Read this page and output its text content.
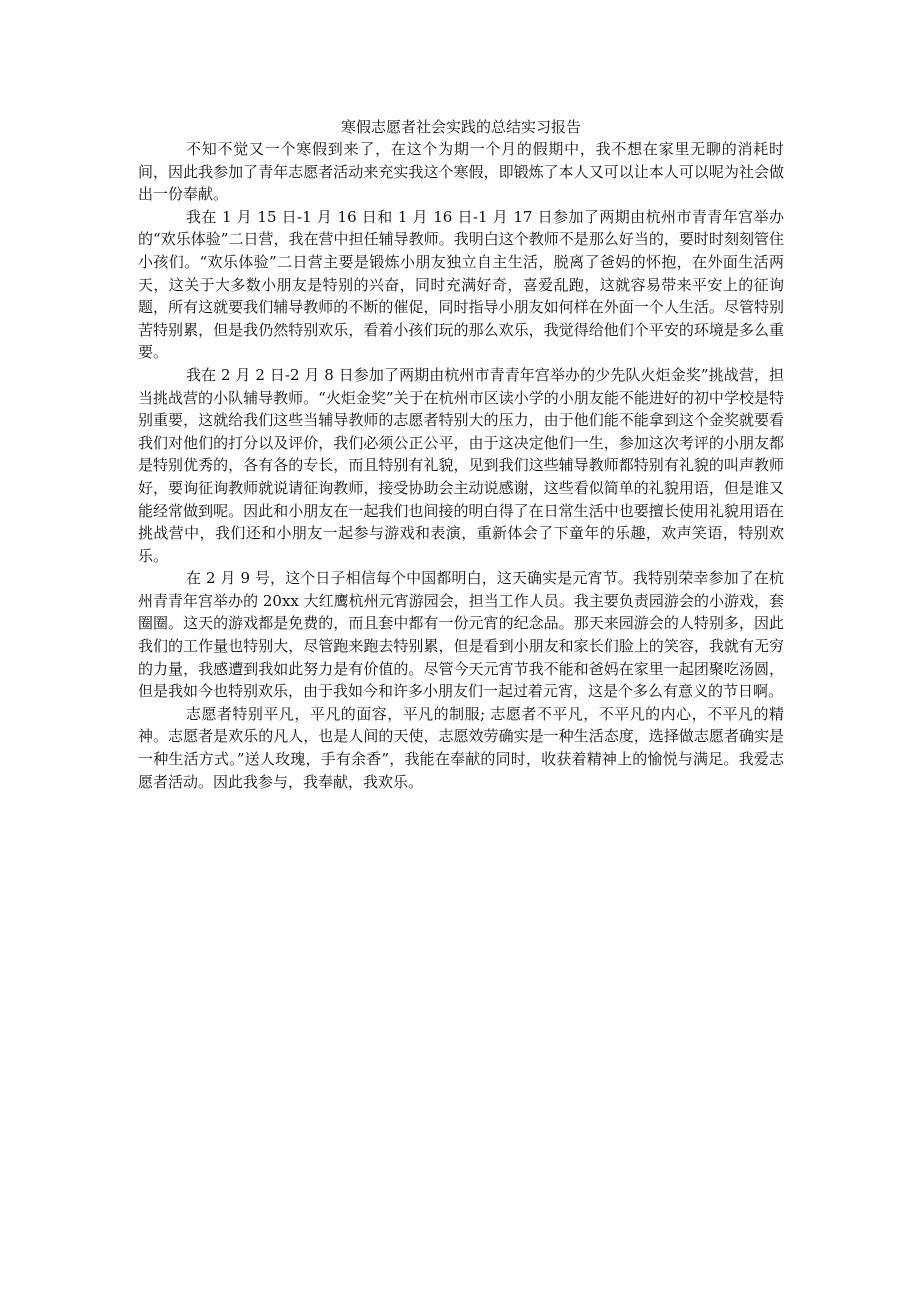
寒假志愿者社会实践的总结实习报告

不知不觉又一个寒假到来了，在这个为期一个月的假期中，我不想在家里无聊的消耗时间，因此我参加了青年志愿者活动来充实我这个寒假，即锻炼了本人又可以让本人可以呢为社会做出一份奉献。

我在 1 月 15 日-1 月 16 日和 1 月 16 日-1 月 17 日参加了两期由杭州市青青年宫举办的“欢乐体验”二日营，我在营中担任辅导教师。我明白这个教师不是那么好当的，要时时刻刻管住小孩们。“欢乐体验”二日营主要是锻炼小朋友独立自主生活，脱离了爸妈的怀抱，在外面生活两天，这关于大多数小朋友是特别的兴奋，同时充满好奇，喜爱乱跑，这就容易带来平安上的征询题，所有这就要我们辅导教师的不断的催促，同时指导小朋友如何样在外面一个人生活。尽管特别苦特别累，但是我仍然特别欢乐，看着小孩们玩的那么欢乐，我觉得给他们个平安的环境是多么重要。

我在 2 月 2 日-2 月 8 日参加了两期由杭州市青青年宫举办的少先队火炬金奖”挑战营，担当挑战营的小队辅导教师。“火炬金奖”关于在杭州市区读小学的小朋友能不能进好的初中学校是特别重要，这就给我们这些当辅导教师的志愿者特别大的压力，由于他们能不能拿到这个金奖就要看我们对他们的打分以及评价，我们必须公正公平，由于这决定他们一生，参加这次考评的小朋友都是特别优秀的，各有各的专长，而且特别有礼貌，见到我们这些辅导教师都特别有礼貌的叫声教师好，要询征询教师就说请征询教师，接受协助会主动说感谢，这些看似简单的礼貌用语，但是谁又能经常做到呢。因此和小朋友在一起我们也间接的明白得了在日常生活中也要擅长使用礼貌用语在挑战营中，我们还和小朋友一起参与游戏和表演，重新体会了下童年的乐趣，欢声笑语，特别欢乐。

在 2 月 9 号，这个日子相信每个中国都明白，这天确实是元宵节。我特别荣幸参加了在杭州青青年宫举办的 20xx 大红鹰杭州元宵游园会，担当工作人员。我主要负责园游会的小游戏，套圈圈。这天的游戏都是免费的，而且套中都有一份元宵的纪念品。那天来园游会的人特别多，因此我们的工作量也特别大，尽管跑来跑去特别累，但是看到小朋友和家长们脸上的笑容，我就有无穷的力量，我感遭到我如此努力是有价值的。尽管今天元宵节我不能和爸妈在家里一起团聚吃汤圆，但是我如今也特别欢乐，由于我如今和许多小朋友们一起过着元宵，这是个多么有意义的节日啊。

志愿者特别平凡，平凡的面容，平凡的制服; 志愿者不平凡，不平凡的内心，不平凡的精神。志愿者是欢乐的凡人，也是人间的天使，志愿效劳确实是一种生活态度，选择做志愿者确实是一种生活方式。”送人玫瑰，手有余香”，我能在奉献的同时，收获着精神上的愉悦与满足。我爱志愿者活动。因此我参与，我奉献，我欢乐。
